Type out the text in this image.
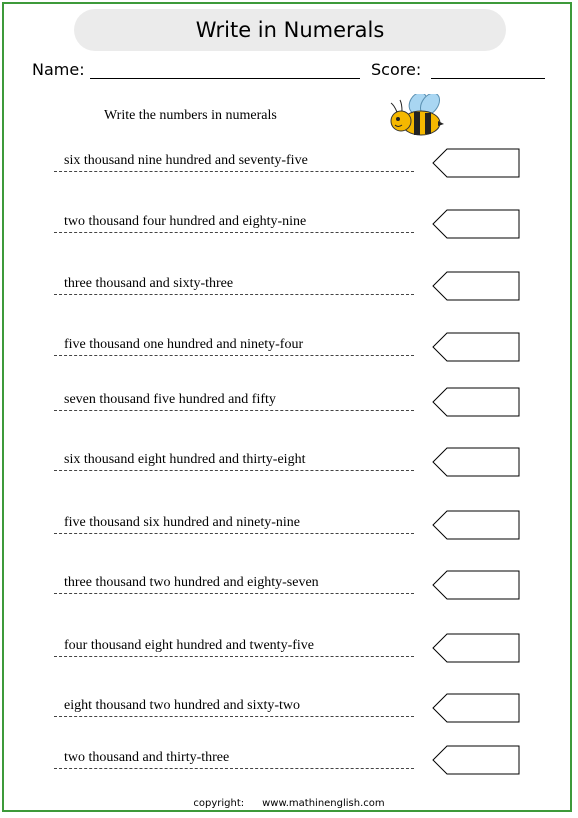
Write in Numerals
Name:	Score:
Write the numbers in numerals
six thousand nine hundred and seventy-five
two thousand four hundred and eighty-nine
three thousand and sixty-three
five thousand one hundred and ninety-four
seven thousand five hundred and fifty
six thousand eight hundred and thirty-eight
five thousand six hundred and ninety-nine
three thousand two hundred and eighty-seven
four thousand eight hundred and twenty-five
eight thousand two hundred and sixty-two
two thousand and thirty-three
copyright: www.mathinenglish.com
